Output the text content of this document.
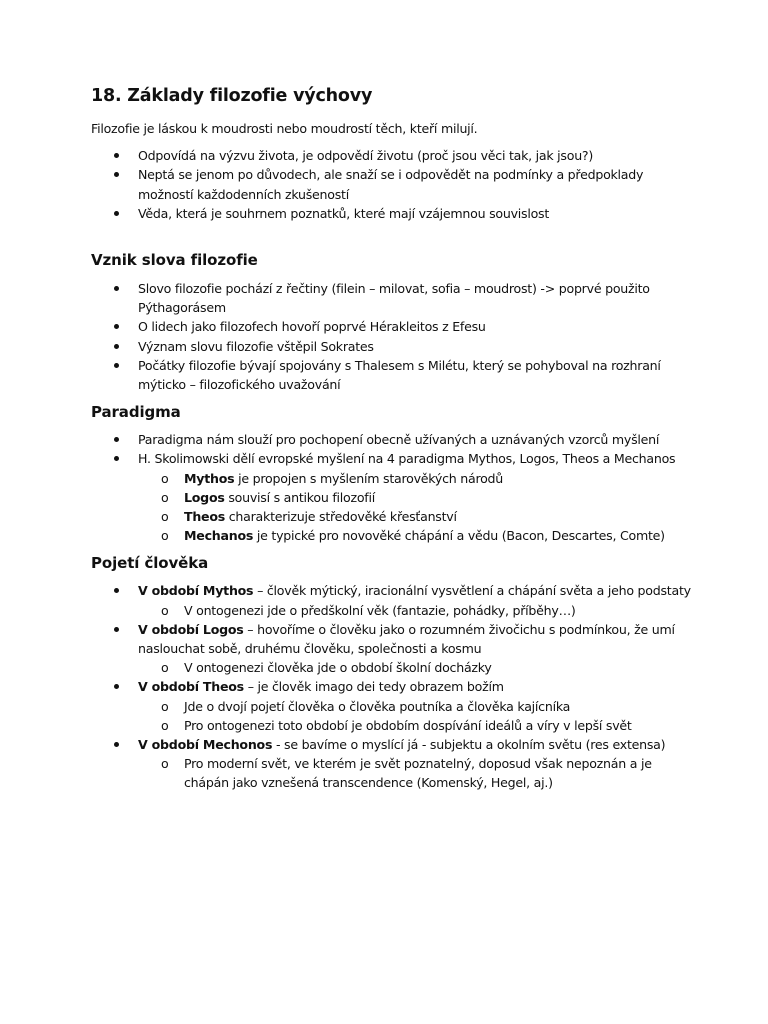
18. Základy filozofie výchovy

Filozofie je láskou k moudrosti nebo moudrostí těch, kteří milují.

Odpovídá na výzvu života, je odpovědí životu (proč jsou věci tak, jak jsou?)
Neptá se jenom po důvodech, ale snaží se i odpovědět na podmínky a předpoklady možností každodenních zkušeností
Věda, která je souhrnem poznatků, které mají vzájemnou souvislost
Vznik slova filozofie
Slovo filozofie pochází z řečtiny (filein – milovat, sofia – moudrost) -> poprvé použito Pýthagorásem
O lidech jako filozofech hovoří poprvé Hérakleitos z Efesu
Význam slovu filozofie vštěpil Sokrates
Počátky filozofie bývají spojovány s Thalesem s Milétu, který se pohyboval na rozhraní mýticko – filozofického uvažování
Paradigma
Paradigma nám slouží pro pochopení obecně užívaných a uznávaných vzorců myšlení
H. Skolimowski dělí evropské myšlení na 4 paradigma Mythos, Logos, Theos a Mechanos
o Mythos je propojen s myšlením starověkých národů
o Logos souvisí s antikou filozofií
o Theos charakterizuje středověké křesťanství
o Mechanos je typické pro novověké chápání a vědu (Bacon, Descartes, Comte)
Pojetí člověka
V období Mythos – člověk mýtický, iracionální vysvětlení a chápání světa a jeho podstaty
o V ontogenezi jde o předškolní věk (fantazie, pohádky, příběhy…)
V období Logos – hovoříme o člověku jako o rozumném živočichu s podmínkou, že umí naslouchat sobě, druhému člověku, společnosti a kosmu
o V ontogenezi člověka jde o období školní docházky
V období Theos – je člověk imago dei tedy obrazem božím
o Jde o dvojí pojetí člověka o člověka poutníka a člověka kajícníka
o Pro ontogenezi toto období je obdobím dospívání ideálů a víry v lepší svět
V období Mechonos - se bavíme o myslící já - subjektu a okolním světu (res extensa)
o Pro moderní svět, ve kterém je svět poznatelný, doposud však nepoznán a je chápán jako vznešená transcendence (Komenský, Hegel, aj.)
